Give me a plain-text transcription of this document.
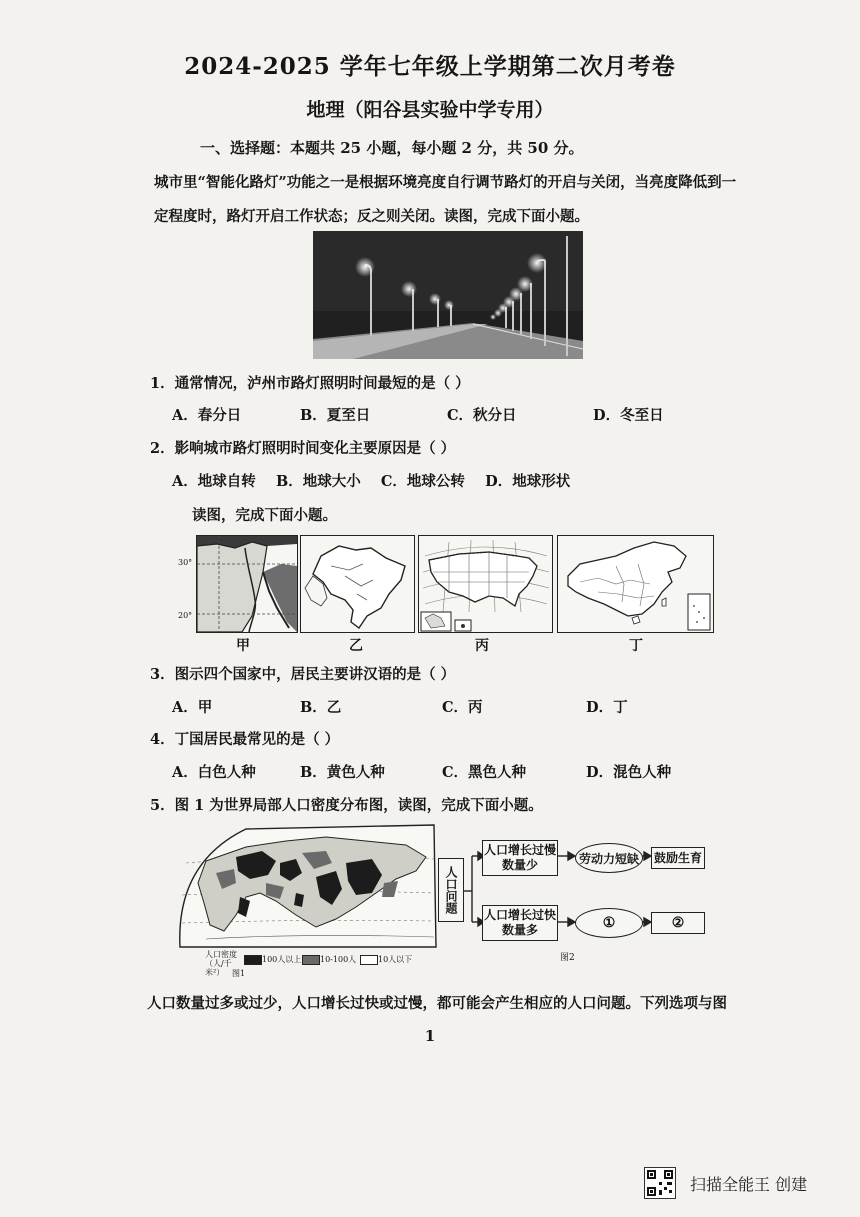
2024-2025 学年七年级上学期第二次月考卷
地理（阳谷县实验中学专用）
一、选择题：本题共 25 小题，每小题 2 分，共 50 分。
城市里“智能化路灯”功能之一是根据环境亮度自行调节路灯的开启与关闭，当亮度降低到一
定程度时，路灯开启工作状态；反之则关闭。读图，完成下面小题。
1．通常情况，泸州市路灯照明时间最短的是（ ）
A．春分日	B．夏至日	C．秋分日	D．冬至日
2．影响城市路灯照明时间变化主要原因是（ ）
A．地球自转    B．地球大小    C．地球公转    D．地球形状
读图，完成下面小题。
30°
20°
甲	乙	丙	丁
3．图示四个国家中，居民主要讲汉语的是（ ）
A．甲	B．乙	C．丙	D．丁
4．丁国居民最常见的是（ ）
A．白色人种	B．黄色人种	C．黑色人种	D．混色人种
5．图 1 为世界局部人口密度分布图，读图，完成下面小题。
人口密度（人/千米²）
100人以上 10-100人	10人以下
图1
人口问题
人口增长过慢数量少	劳动力短缺 鼓励生育
人口增长过快数量多	①	②
图2
人口数量过多或过少，人口增长过快或过慢，都可能会产生相应的人口问题。下列选项与图
1
扫描全能王 创建
